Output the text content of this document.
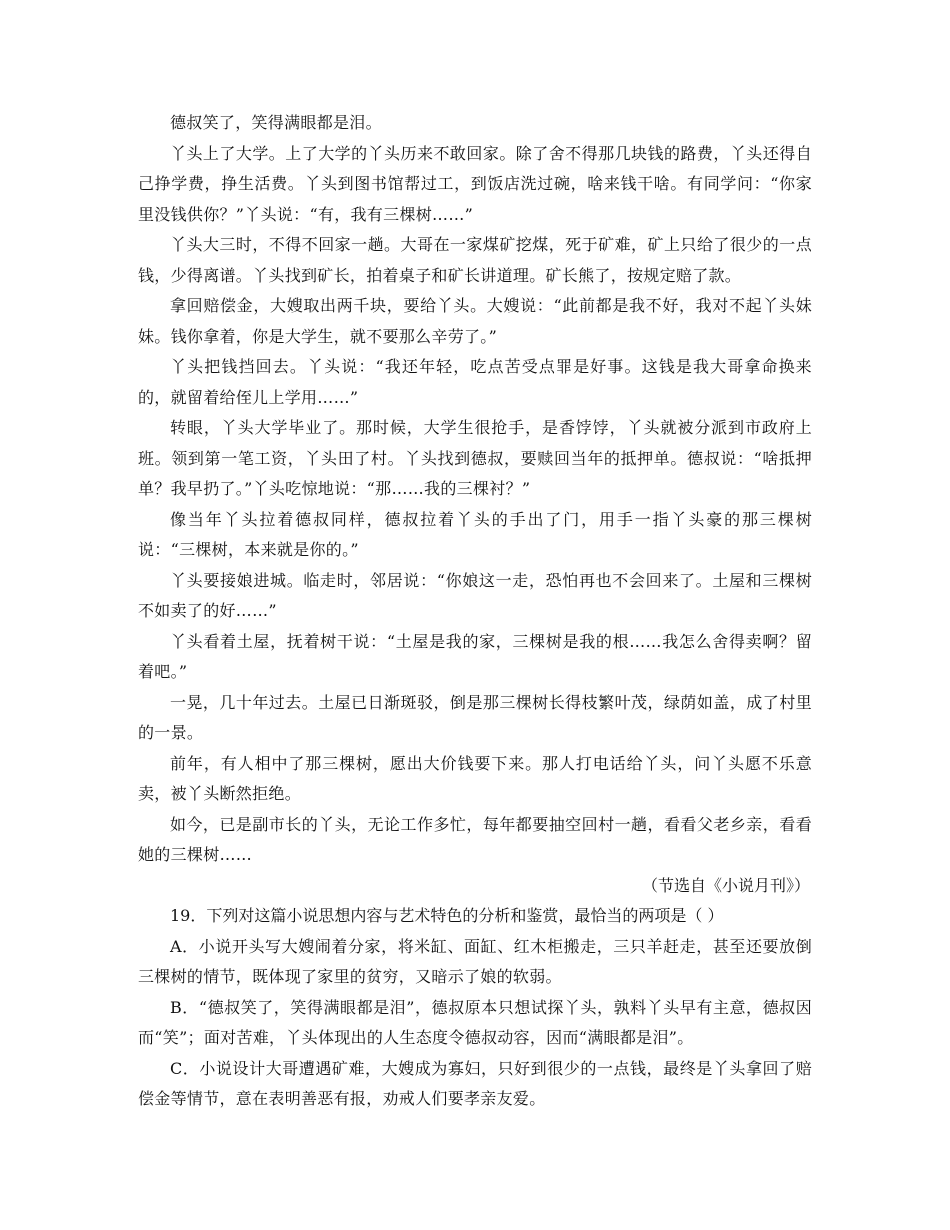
德叔笑了，笑得满眼都是泪。

丫头上了大学。上了大学的丫头历来不敢回家。除了舍不得那几块钱的路费，丫头还得自己挣学费，挣生活费。丫头到图书馆帮过工，到饭店洗过碗，啥来钱干啥。有同学问：“你家里没钱供你？”丫头说：“有，我有三棵树……”

丫头大三时，不得不回家一趟。大哥在一家煤矿挖煤，死于矿难，矿上只给了很少的一点钱，少得离谱。丫头找到矿长，拍着桌子和矿长讲道理。矿长熊了，按规定赔了款。

拿回赔偿金，大嫂取出两千块，要给丫头。大嫂说：“此前都是我不好，我对不起丫头妹妹。钱你拿着，你是大学生，就不要那么辛劳了。”

丫头把钱挡回去。丫头说：“我还年轻，吃点苦受点罪是好事。这钱是我大哥拿命换来的，就留着给侄儿上学用……”

转眼，丫头大学毕业了。那时候，大学生很抢手，是香饽饽，丫头就被分派到市政府上班。领到第一笔工资，丫头田了村。丫头找到德叔，要赎回当年的抵押单。德叔说：“啥抵押单？我早扔了。”丫头吃惊地说：“那……我的三棵衬？”

像当年丫头拉着德叔同样，德叔拉着丫头的手出了门，用手一指丫头豪的那三棵树说：“三棵树，本来就是你的。”

丫头要接娘进城。临走时，邻居说：“你娘这一走，恐怕再也不会回来了。土屋和三棵树不如卖了的好……”

丫头看着土屋，抚着树干说：“土屋是我的家，三棵树是我的根……我怎么舍得卖啊？留着吧。”

一晃，几十年过去。土屋已日渐斑驳，倒是那三棵树长得枝繁叶茂，绿荫如盖，成了村里的一景。

前年，有人相中了那三棵树，愿出大价钱要下来。那人打电话给丫头，问丫头愿不乐意卖，被丫头断然拒绝。

如今，已是副市长的丫头，无论工作多忙，每年都要抽空回村一趟，看看父老乡亲，看看她的三棵树……

（节选自《小说月刊》）

19．下列对这篇小说思想内容与艺术特色的分析和鉴赏，最恰当的两项是（ ）

A．小说开头写大嫂闹着分家，将米缸、面缸、红木柜搬走，三只羊赶走，甚至还要放倒三棵树的情节，既体现了家里的贫穷，又暗示了娘的软弱。

B．“德叔笑了，笑得满眼都是泪”，德叔原本只想试探丫头，孰料丫头早有主意，德叔因而“笑”；面对苦难，丫头体现出的人生态度令德叔动容，因而“满眼都是泪”。

C．小说设计大哥遭遇矿难，大嫂成为寡妇，只好到很少的一点钱，最终是丫头拿回了赔偿金等情节，意在表明善恶有报，劝戒人们要孝亲友爱。
